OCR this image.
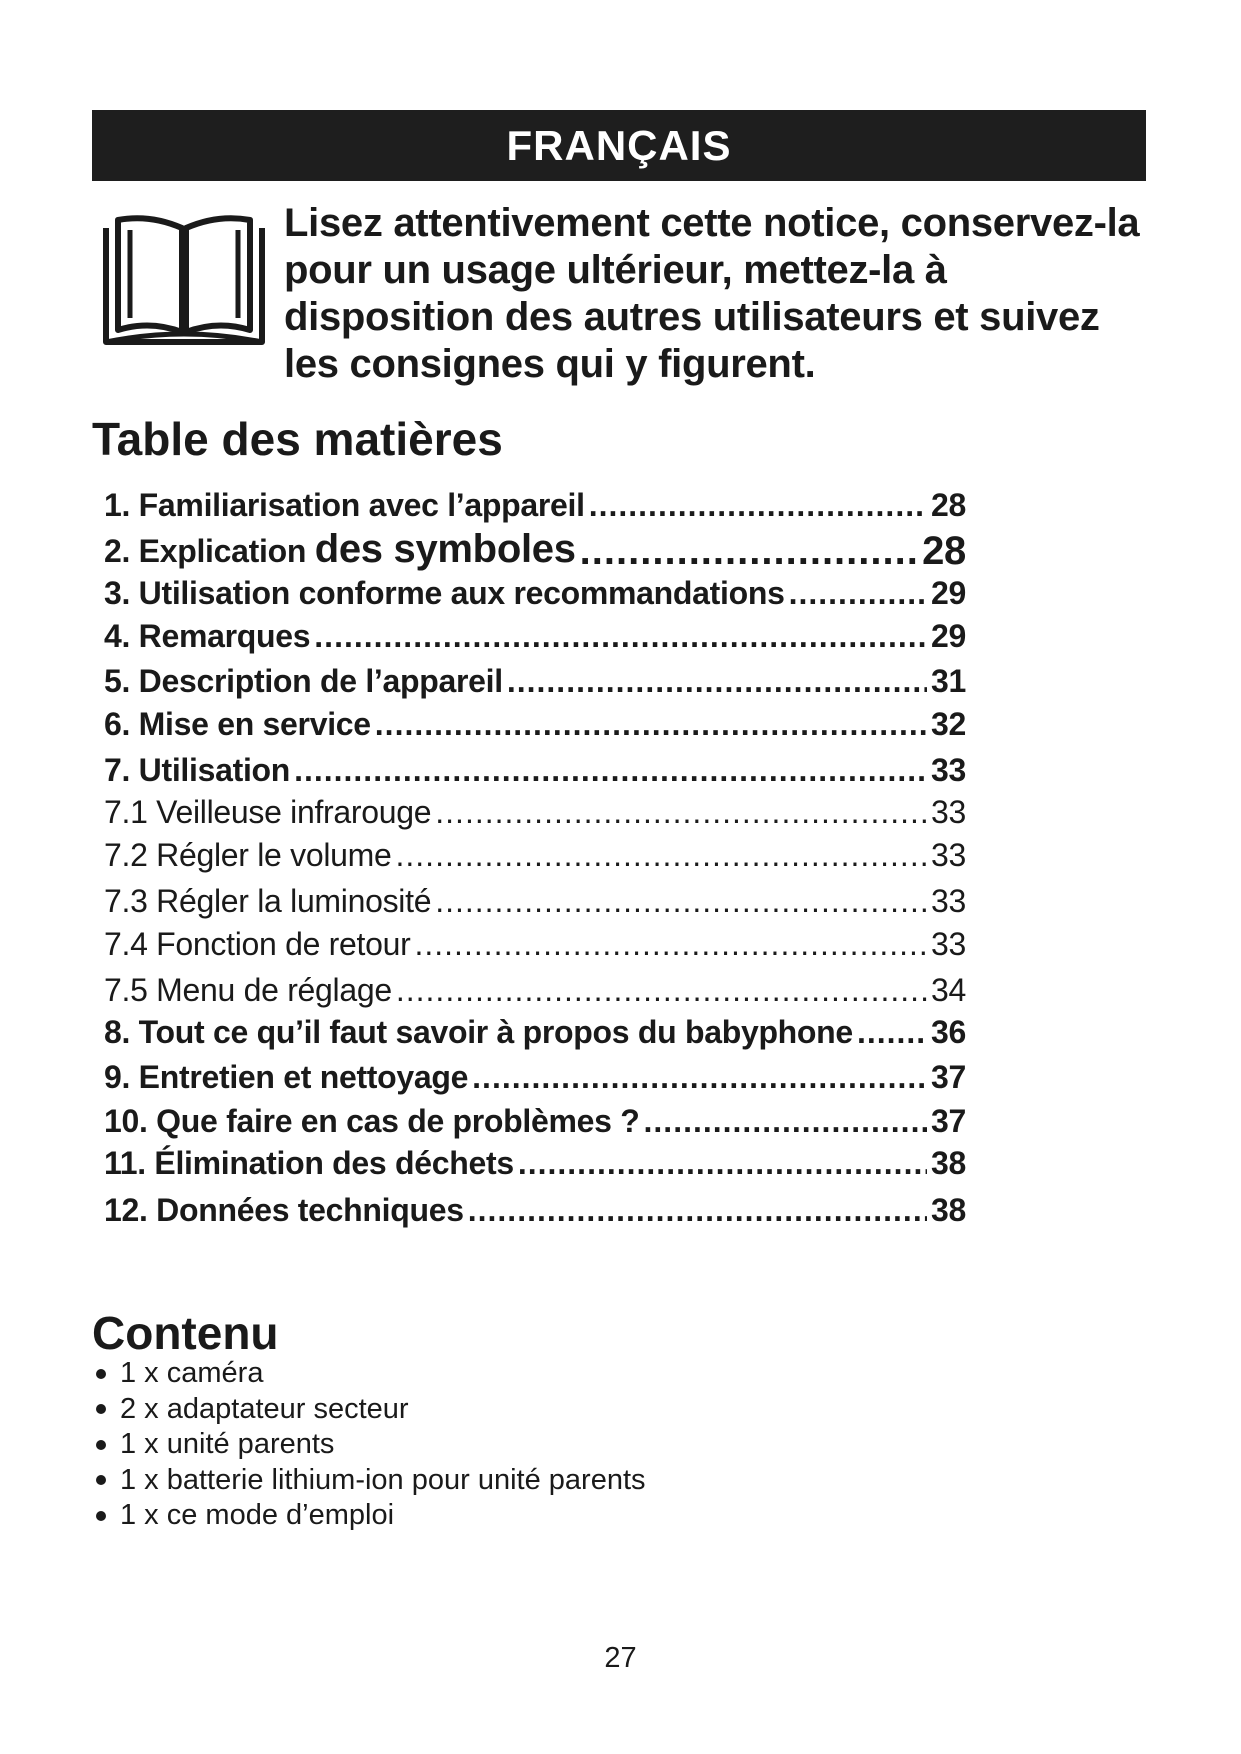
FRANÇAIS
Lisez attentivement cette notice, conservez-la pour un usage ultérieur, mettez-la à disposition des autres utilisateurs et suivez les consignes qui y figurent.
Table des matières
1. Familiarisation avec l’appareil .....	28
2. Explication des symboles .....	28
3. Utilisation conforme aux recommandations .....	29
4. Remarques .....	29
5. Description de l’appareil .....	31
6. Mise en service .....	32
7. Utilisation .....	33
7.1 Veilleuse infrarouge .....	33
7.2 Régler le volume .....	33
7.3 Régler la luminosité .....	33
7.4 Fonction de retour .....	33
7.5 Menu de réglage .....	34
8. Tout ce qu’il faut savoir à propos du babyphone ..... 36
9. Entretien et nettoyage .....	37
10. Que faire en cas de problèmes ? .....	37
11. Élimination des déchets .....	38
12. Données techniques .....	38
Contenu
1 x caméra
2 x adaptateur secteur
1 x unité parents
1 x batterie lithium-ion pour unité parents
1 x ce mode d’emploi
27
